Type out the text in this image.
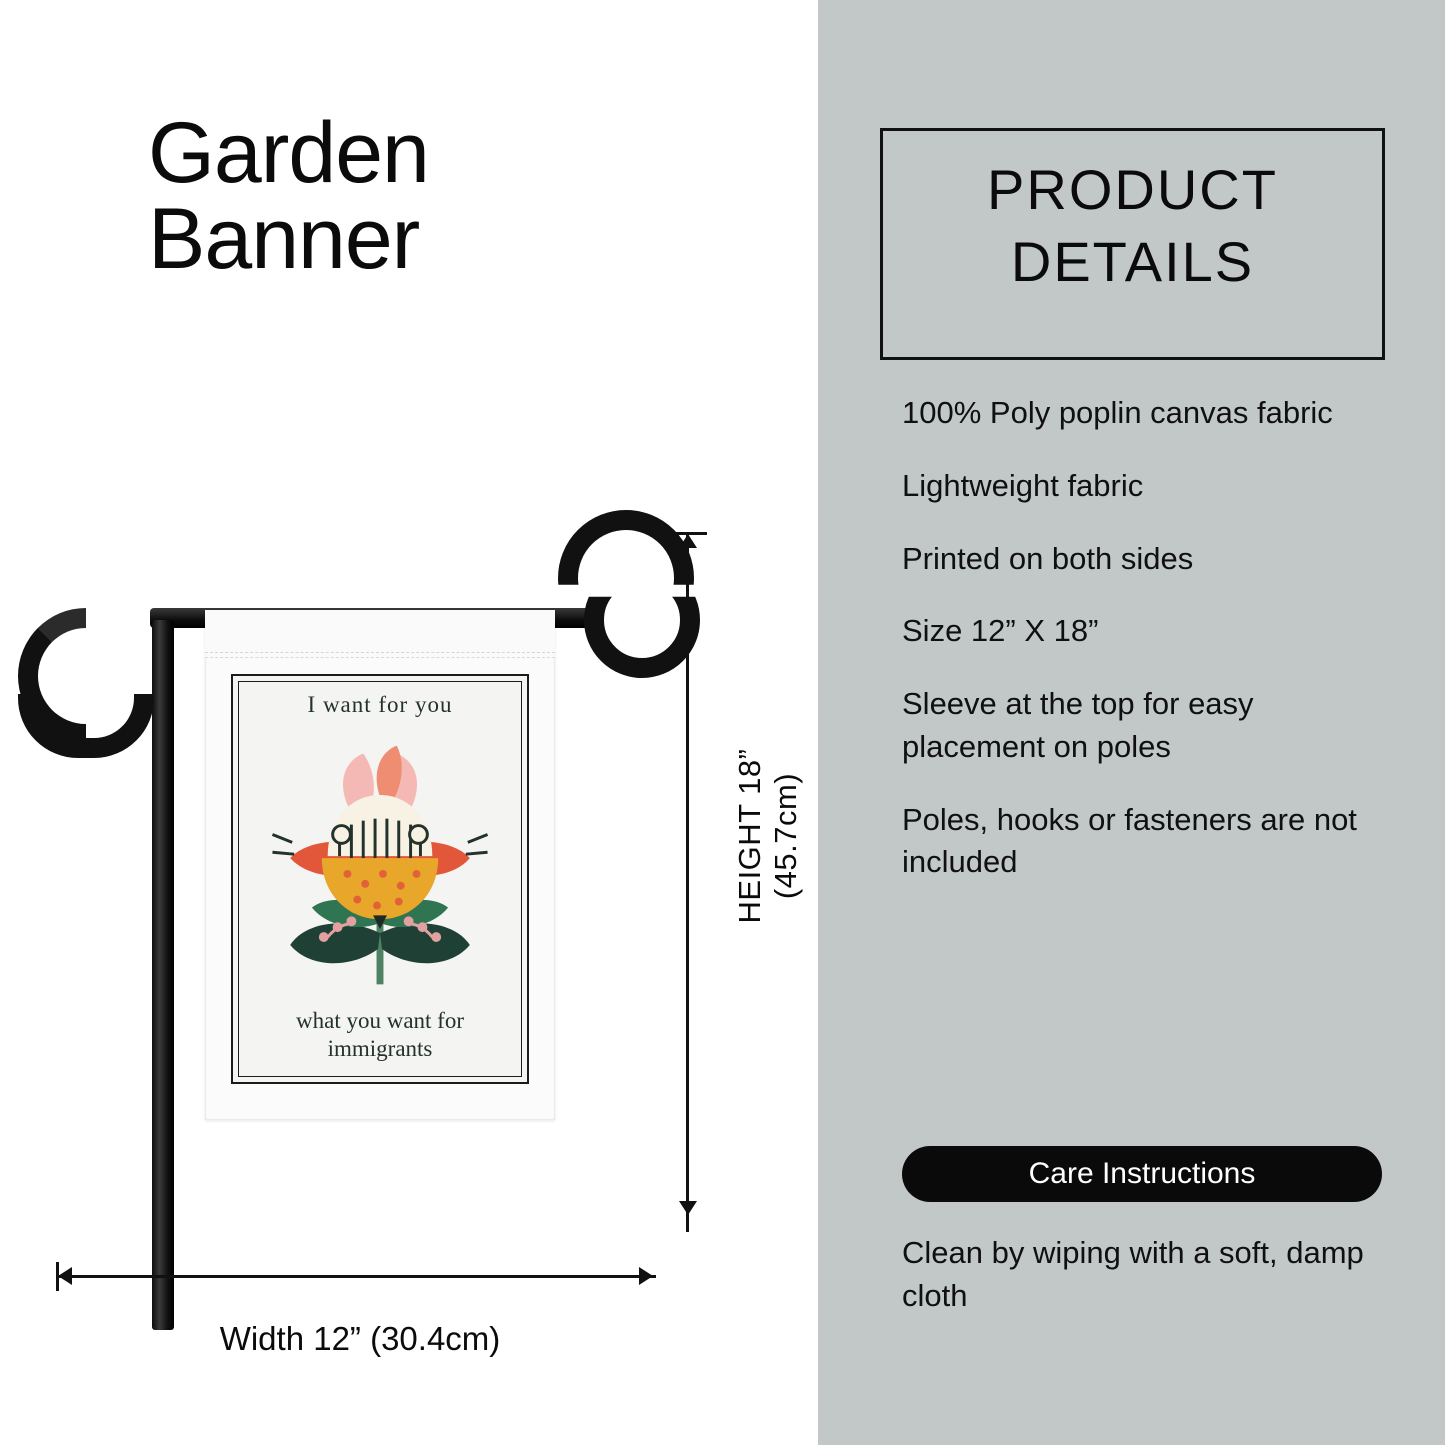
Garden
Banner
I want for you
what you want for
immigrants
HEIGHT 18” (45.7cm)
Width 12” (30.4cm)
PRODUCT
DETAILS
100% Poly poplin canvas fabric
Lightweight fabric
Printed on both sides
Size 12” X 18”
Sleeve at the top for easy placement on poles
Poles, hooks or fasteners are not included
Care Instructions
Clean by wiping with a soft, damp cloth
